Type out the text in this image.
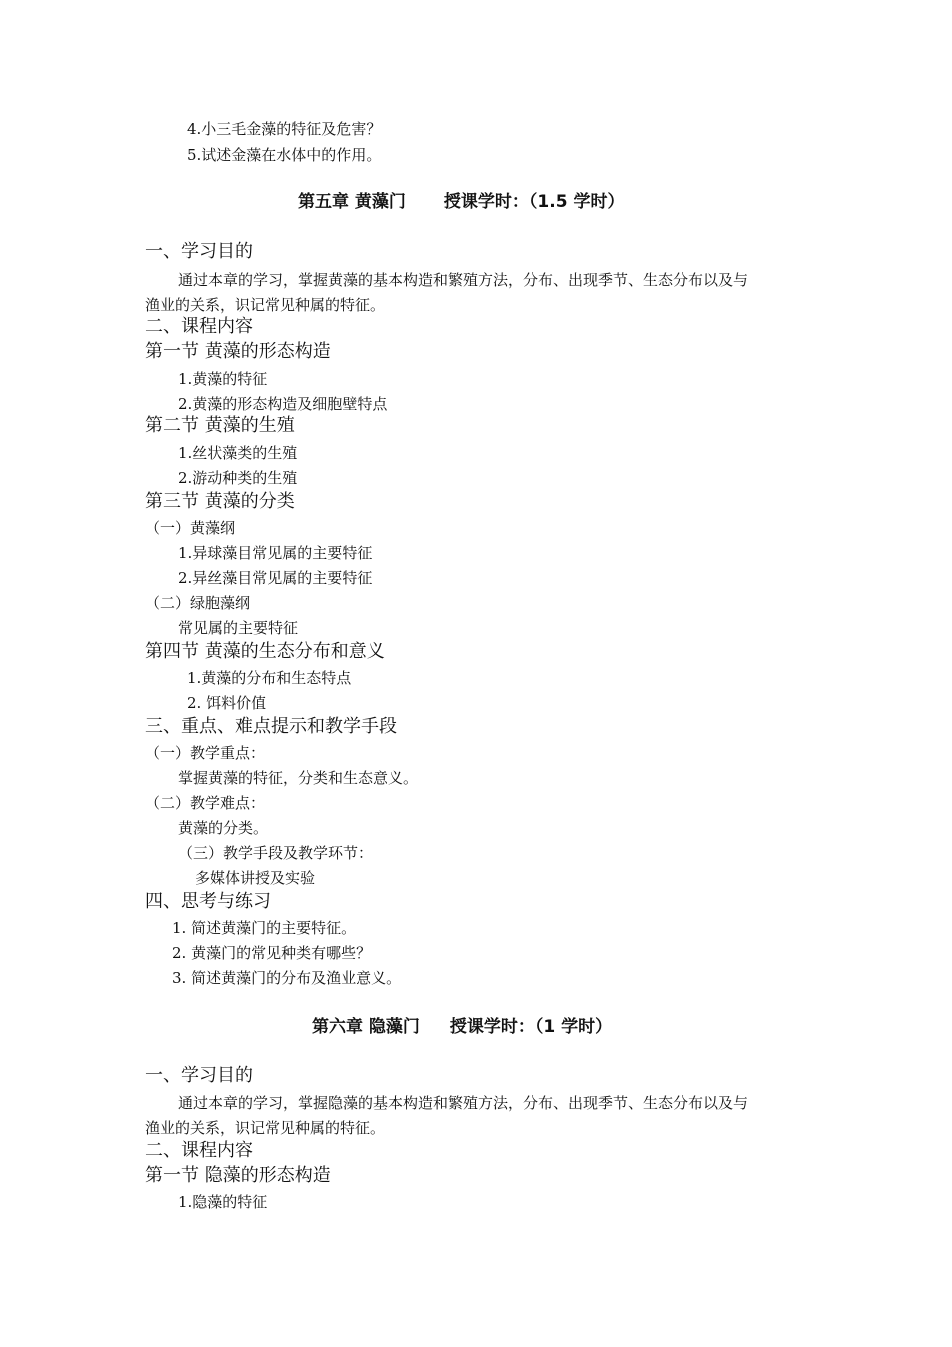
4.小三毛金藻的特征及危害？
5.试述金藻在水体中的作用。
第五章 黄藻门 授课学时：（1.5 学时）
一、学习目的
通过本章的学习，掌握黄藻的基本构造和繁殖方法，分布、出现季节、生态分布以及与
渔业的关系，识记常见种属的特征。
二、课程内容
第一节 黄藻的形态构造
1.黄藻的特征
2.黄藻的形态构造及细胞壁特点
第二节 黄藻的生殖
1.丝状藻类的生殖
2.游动种类的生殖
第三节 黄藻的分类
（一）黄藻纲
1.异球藻目常见属的主要特征
2.异丝藻目常见属的主要特征
（二）绿胞藻纲
常见属的主要特征
第四节 黄藻的生态分布和意义
1.黄藻的分布和生态特点
2. 饵料价值
三、重点、难点提示和教学手段
（一）教学重点：
掌握黄藻的特征，分类和生态意义。
（二）教学难点：
黄藻的分类。
（三）教学手段及教学环节：
多媒体讲授及实验
四、思考与练习
1. 简述黄藻门的主要特征。
2. 黄藻门的常见种类有哪些？
3. 简述黄藻门的分布及渔业意义。
第六章 隐藻门 授课学时：（1 学时）
一、学习目的
通过本章的学习，掌握隐藻的基本构造和繁殖方法，分布、出现季节、生态分布以及与
渔业的关系，识记常见种属的特征。
二、课程内容
第一节 隐藻的形态构造
1.隐藻的特征
